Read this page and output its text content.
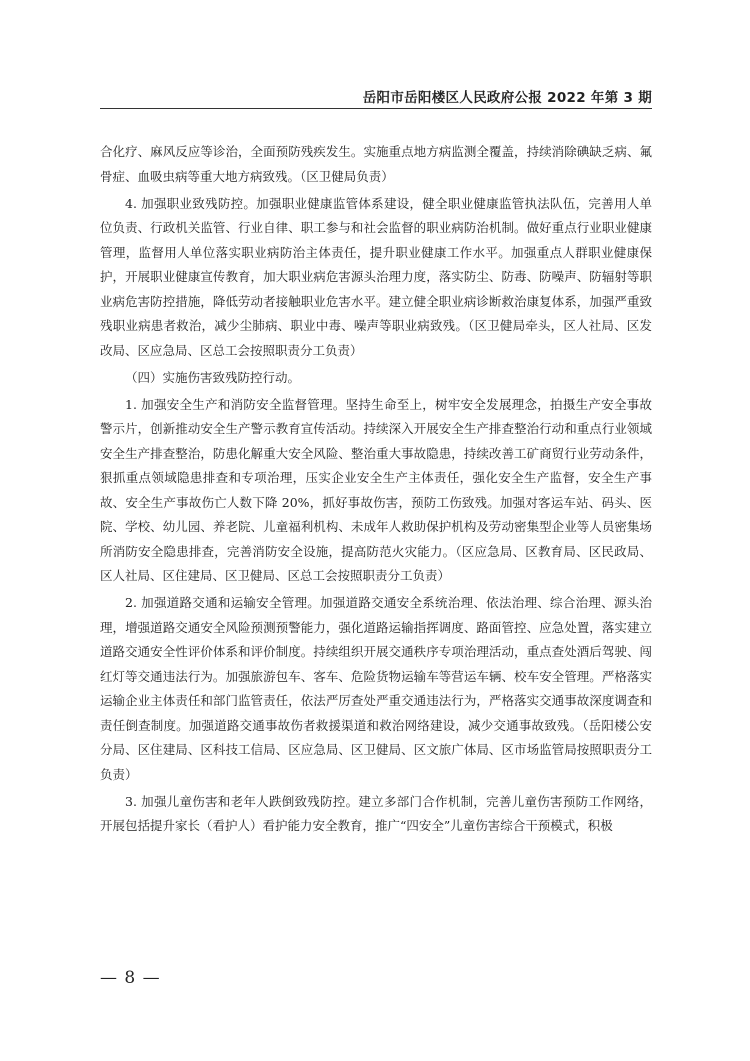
岳阳市岳阳楼区人民政府公报 2022 年第 3 期

合化疗、麻风反应等诊治，全面预防残疾发生。实施重点地方病监测全覆盖，持续消除碘缺乏病、氟骨症、血吸虫病等重大地方病致残。（区卫健局负责）

4. 加强职业致残防控。加强职业健康监管体系建设，健全职业健康监管执法队伍，完善用人单位负责、行政机关监管、行业自律、职工参与和社会监督的职业病防治机制。做好重点行业职业健康管理，监督用人单位落实职业病防治主体责任，提升职业健康工作水平。加强重点人群职业健康保护，开展职业健康宣传教育，加大职业病危害源头治理力度，落实防尘、防毒、防噪声、防辐射等职业病危害防控措施，降低劳动者接触职业危害水平。建立健全职业病诊断救治康复体系，加强严重致残职业病患者救治，减少尘肺病、职业中毒、噪声等职业病致残。（区卫健局牵头，区人社局、区发改局、区应急局、区总工会按照职责分工负责）

（四）实施伤害致残防控行动。

1. 加强安全生产和消防安全监督管理。坚持生命至上，树牢安全发展理念，拍摄生产安全事故警示片，创新推动安全生产警示教育宣传活动。持续深入开展安全生产排查整治行动和重点行业领域安全生产排查整治，防患化解重大安全风险、整治重大事故隐患，持续改善工矿商贸行业劳动条件，狠抓重点领域隐患排查和专项治理，压实企业安全生产主体责任，强化安全生产监督，安全生产事故、安全生产事故伤亡人数下降 20%，抓好事故伤害，预防工伤致残。加强对客运车站、码头、医院、学校、幼儿园、养老院、儿童福利机构、未成年人救助保护机构及劳动密集型企业等人员密集场所消防安全隐患排查，完善消防安全设施，提高防范火灾能力。（区应急局、区教育局、区民政局、区人社局、区住建局、区卫健局、区总工会按照职责分工负责）

2. 加强道路交通和运输安全管理。加强道路交通安全系统治理、依法治理、综合治理、源头治理，增强道路交通安全风险预测预警能力，强化道路运输指挥调度、路面管控、应急处置，落实建立道路交通安全性评价体系和评价制度。持续组织开展交通秩序专项治理活动，重点查处酒后驾驶、闯红灯等交通违法行为。加强旅游包车、客车、危险货物运输车等营运车辆、校车安全管理。严格落实运输企业主体责任和部门监管责任，依法严厉查处严重交通违法行为，严格落实交通事故深度调查和责任倒查制度。加强道路交通事故伤者救援渠道和救治网络建设，减少交通事故致残。（岳阳楼公安分局、区住建局、区科技工信局、区应急局、区卫健局、区文旅广体局、区市场监管局按照职责分工负责）

3. 加强儿童伤害和老年人跌倒致残防控。建立多部门合作机制，完善儿童伤害预防工作网络，开展包括提升家长（看护人）看护能力安全教育，推广“四安全”儿童伤害综合干预模式，积极

— 8 —
